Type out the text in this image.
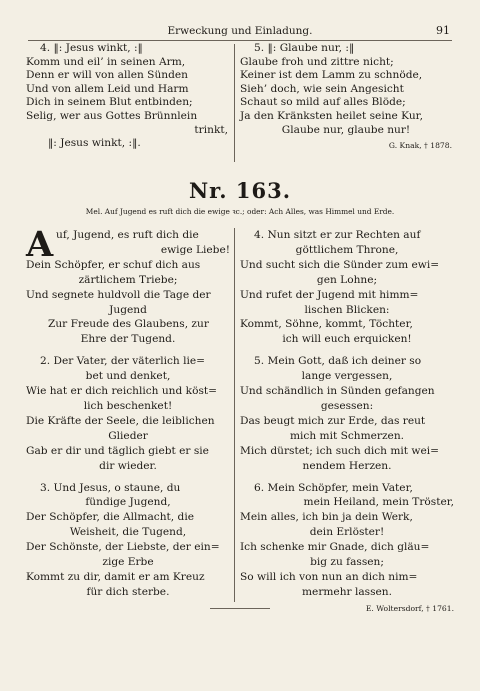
Erweckung und Einladung.	91
4. ‖: Jesus winkt, :‖
Komm und eil’ in seinen Arm,
Denn er will von allen Sünden
Und von allem Leid und Harm
Dich in seinem Blut entbinden;
Selig, wer aus Gottes Brünnlein
trinkt,
‖: Jesus winkt, :‖.
5. ‖: Glaube nur, :‖
Glaube froh und zittre nicht;
Keiner ist dem Lamm zu schnöde,
Sieh’ doch, wie sein Angesicht
Schaut so mild auf alles Blöde;
Ja den Kränksten heilet seine Kur,
Glaube nur, glaube nur!
G. Knak, † 1878.
Nr. 163.
Mel. Auf Jugend es ruft dich die ewige ꝛc.; oder: Ach Alles, was Himmel und Erde.
A uf, Jugend, es ruft dich die
ewige Liebe!
Dein Schöpfer, er schuf dich aus
zärtlichem Triebe;
Und segnete huldvoll die Tage der
Jugend
Zur Freude des Glaubens, zur
Ehre der Tugend.
2. Der Vater, der väterlich lie=
bet und denket,
Wie hat er dich reichlich und köst=
lich beschenket!
Die Kräfte der Seele, die leiblichen
Glieder
Gab er dir und täglich giebt er sie
dir wieder.
3. Und Jesus, o staune, du
fündige Jugend,
Der Schöpfer, die Allmacht, die
Weisheit, die Tugend,
Der Schönste, der Liebste, der ein=
zige Erbe
Kommt zu dir, damit er am Kreuz
für dich sterbe.
4. Nun sitzt er zur Rechten auf
göttlichem Throne,
Und sucht sich die Sünder zum ewi=
gen Lohne;
Und rufet der Jugend mit himm=
lischen Blicken:
Kommt, Söhne, kommt, Töchter,
ich will euch erquicken!
5. Mein Gott, daß ich deiner so
lange vergessen,
Und schändlich in Sünden gefangen
gesessen:
Das beugt mich zur Erde, das reut
mich mit Schmerzen.
Mich dürstet; ich such dich mit wei=
nendem Herzen.
6. Mein Schöpfer, mein Vater,
mein Heiland, mein Tröster,
Mein alles, ich bin ja dein Werk,
dein Erlöster!
Ich schenke mir Gnade, dich gläu=
big zu fassen;
So will ich von nun an dich nim=
mermehr lassen.
E. Woltersdorf, † 1761.
